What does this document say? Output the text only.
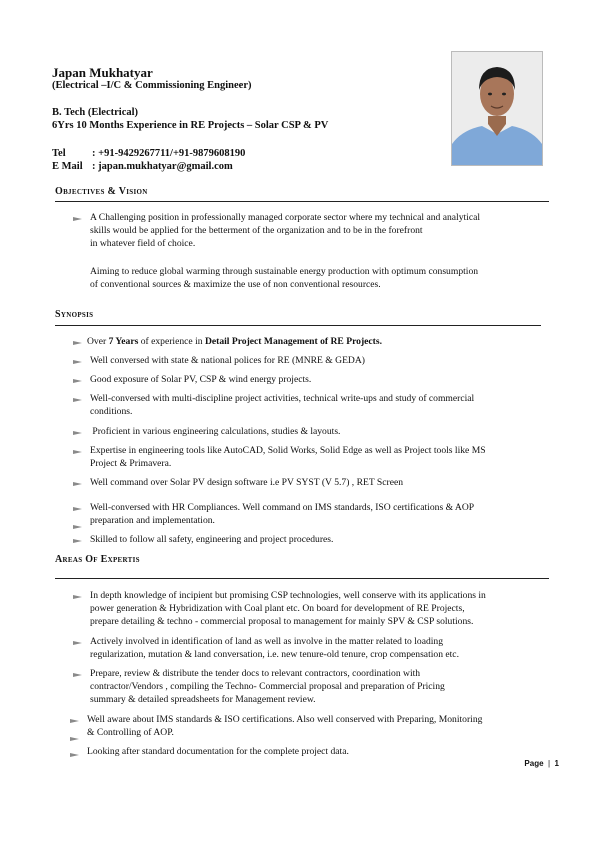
Japan Mukhatyar
(Electrical –I/C & Commissioning Engineer)
B. Tech (Electrical)
6Yrs 10 Months Experience in RE Projects – Solar CSP & PV
Tel	: +91-9429267711/+91-9879608190
E Mail : japan.mukhatyar@gmail.com
Objectives & Vision
A Challenging position in professionally managed corporate sector where my technical and analytical
skills would be applied for the betterment of the organization and to be in the forefront
in whatever field of choice.
Aiming to reduce global warming through sustainable energy production with optimum consumption
of conventional sources & maximize the use of non conventional resources.
Synopsis
Over 7 Years of experience in Detail Project Management of RE Projects.
Well conversed with state & national polices for RE (MNRE & GEDA)
Good exposure of Solar PV, CSP & wind energy projects.
Well-conversed with multi-discipline project activities, technical write-ups and study of commercial
conditions.
Proficient in various engineering calculations, studies & layouts.
Expertise in engineering tools like AutoCAD, Solid Works, Solid Edge as well as Project tools like MS
Project & Primavera.
Well command over Solar PV design software i.e PV SYST (V 5.7) , RET Screen
Well-conversed with HR Compliances. Well command on IMS standards, ISO certifications & AOP
preparation and implementation.
Skilled to follow all safety, engineering and project procedures.
Areas Of Expertis
In depth knowledge of incipient but promising CSP technologies, well conserve with its applications in
power generation & Hybridization with Coal plant etc. On board for development of RE Projects,
prepare detailing & techno - commercial proposal to management for mainly SPV & CSP solutions.
Actively involved in identification of land as well as involve in the matter related to loading
regularization, mutation & land conversation, i.e. new tenure-old tenure, crop compensation etc.
Prepare, review & distribute the tender docs to relevant contractors, coordination with
contractor/Vendors , compiling the Techno- Commercial proposal and preparation of Pricing
summary & detailed spreadsheets for Management review.
Well aware about IMS standards & ISO certifications. Also well conserved with Preparing, Monitoring
& Controlling of AOP.
Looking after standard documentation for the complete project data.
Page  |  1
